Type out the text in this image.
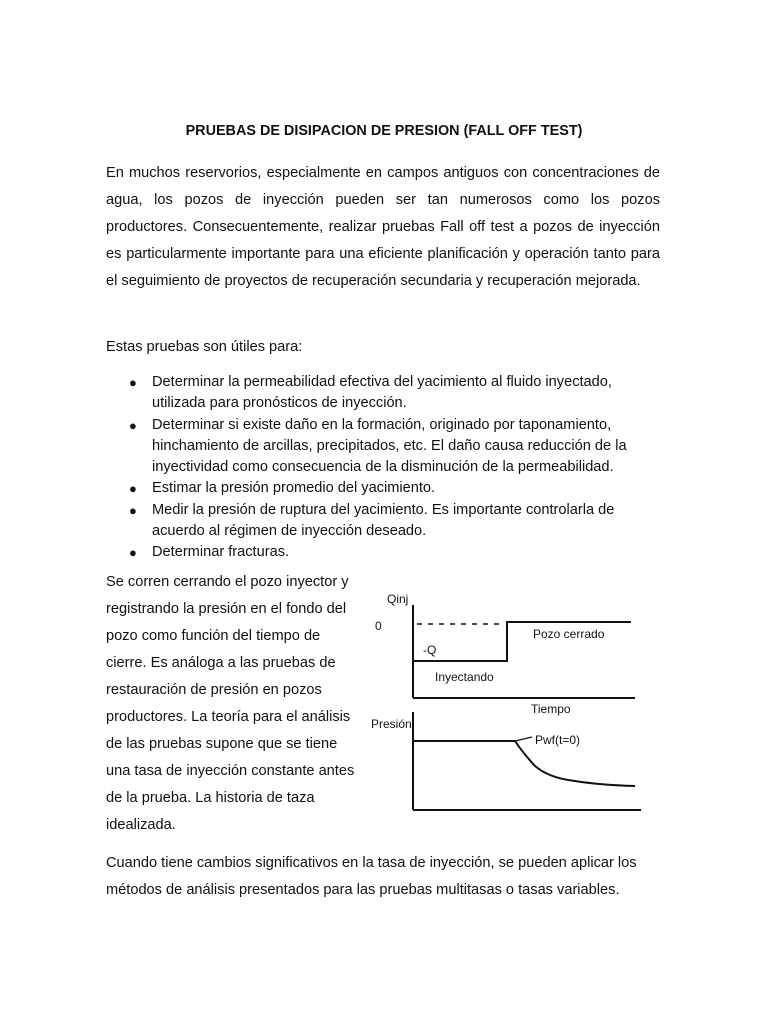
PRUEBAS DE DISIPACION DE PRESION (FALL OFF TEST)

En muchos reservorios, especialmente en campos antiguos con concentraciones de agua, los pozos de inyección pueden ser tan numerosos como los pozos productores. Consecuentemente, realizar pruebas Fall off test a pozos de inyección es particularmente importante para una eficiente planificación y operación tanto para el seguimiento de proyectos de recuperación secundaria y recuperación mejorada.

Estas pruebas son útiles para:

● Determinar la permeabilidad efectiva del yacimiento al fluido inyectado, utilizada para pronósticos de inyección.
● Determinar si existe daño en la formación, originado por taponamiento, hinchamiento de arcillas, precipitados, etc. El daño causa reducción de la inyectividad como consecuencia de la disminución de la permeabilidad.
● Estimar la presión promedio del yacimiento.
● Medir la presión de ruptura del yacimiento. Es importante controlarla de acuerdo al régimen de inyección deseado.
● Determinar fracturas.

Se corren cerrando el pozo inyector y registrando la presión en el fondo del pozo como función del tiempo de cierre. Es análoga a las pruebas de restauración de presión en pozos productores. La teoría para el análisis de las pruebas supone que se tiene una tasa de inyección constante antes de la prueba. La historia de taza idealizada.

Qinj
0
-Q
Pozo cerrado
Inyectando
Tiempo
Presión
Pwf(t=0)

Cuando tiene cambios significativos en la tasa de inyección, se pueden aplicar los métodos de análisis presentados para las pruebas multitasas o tasas variables.
